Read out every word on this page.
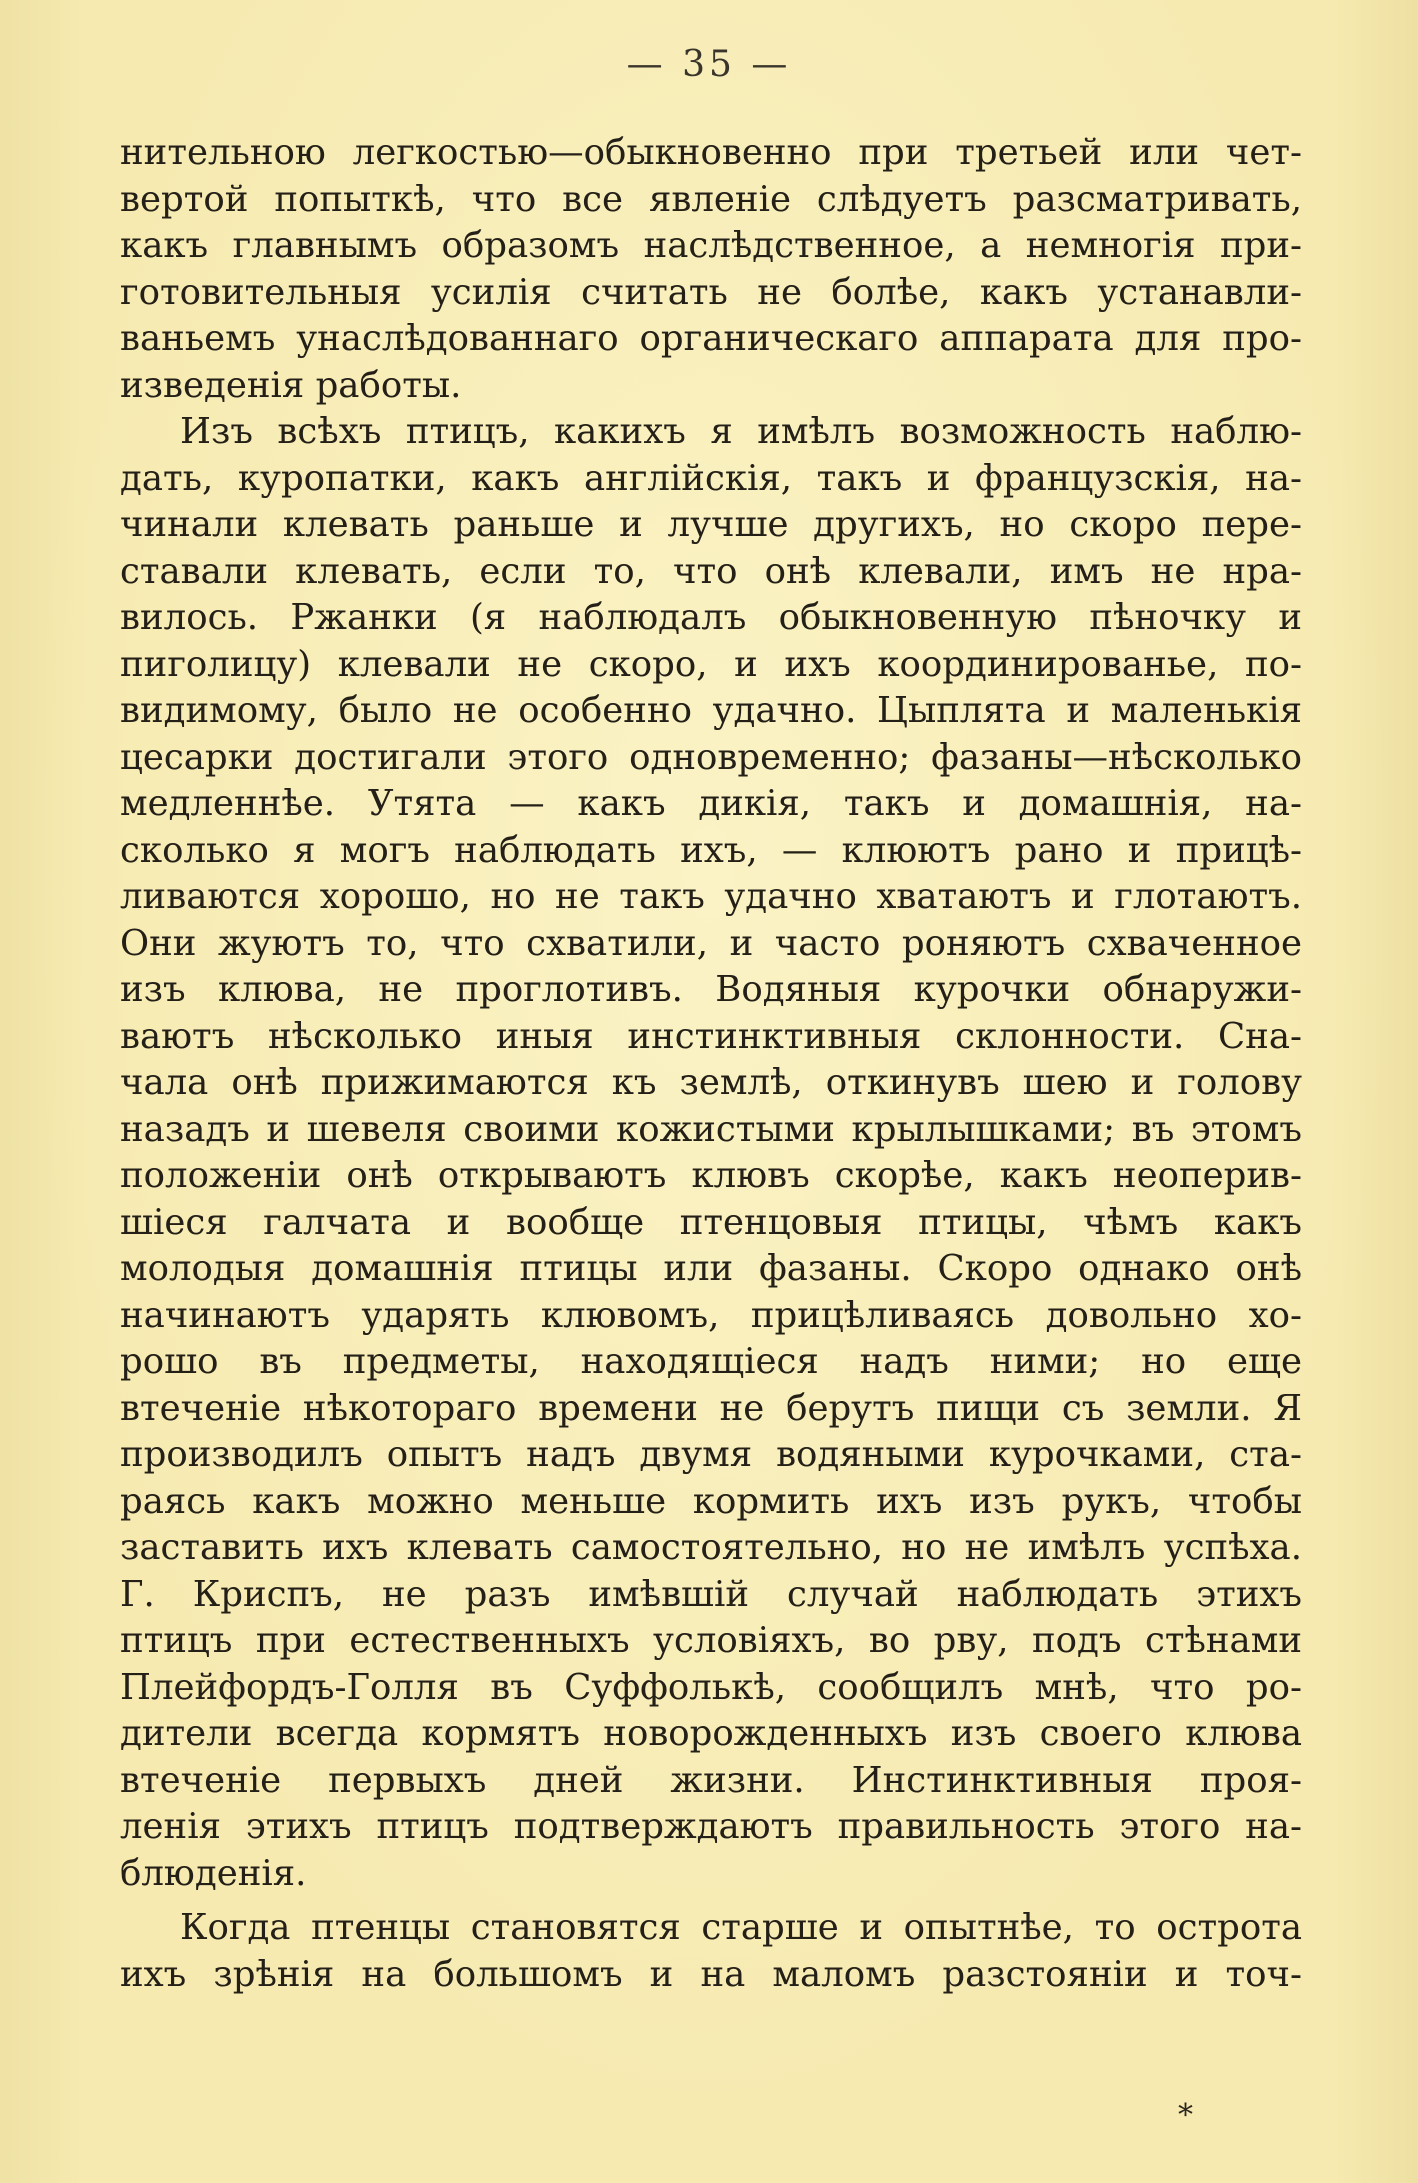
— 35 —
нительною легкостью—обыкновенно при третьей или чет-
вертой попыткѣ, что все явленіе слѣдуетъ разсматривать,
какъ главнымъ образомъ наслѣдственное, а немногія при-
готовительныя усилія считать не болѣе, какъ устанавли-
ваньемъ унаслѣдованнаго органическаго аппарата для про-
изведенія работы.
Изъ всѣхъ птицъ, какихъ я имѣлъ возможность наблю-
дать, куропатки, какъ англійскія, такъ и французскія, на-
чинали клевать раньше и лучше другихъ, но скоро пере-
ставали клевать, если то, что онѣ клевали, имъ не нра-
вилось. Ржанки (я наблюдалъ обыкновенную пѣночку и
пиголицу) клевали не скоро, и ихъ координированье, по-
видимому, было не особенно удачно. Цыплята и маленькія
цесарки достигали этого одновременно; фазаны—нѣсколько
медленнѣе. Утята — какъ дикія, такъ и домашнія, на-
сколько я могъ наблюдать ихъ, — клюютъ рано и прицѣ-
ливаются хорошо, но не такъ удачно хватаютъ и глотаютъ.
Они жуютъ то, что схватили, и часто роняютъ схваченное
изъ клюва, не проглотивъ. Водяныя курочки обнаружи-
ваютъ нѣсколько иныя инстинктивныя склонности. Сна-
чала онѣ прижимаются къ землѣ, откинувъ шею и голову
назадъ и шевеля своими кожистыми крылышками; въ этомъ
положеніи онѣ открываютъ клювъ скорѣе, какъ неоперив-
шіеся галчата и вообще птенцовыя птицы, чѣмъ какъ
молодыя домашнія птицы или фазаны. Скоро однако онѣ
начинаютъ ударять клювомъ, прицѣливаясь довольно хо-
рошо въ предметы, находящіеся надъ ними; но еще
втеченіе нѣкотораго времени не берутъ пищи съ земли. Я
производилъ опытъ надъ двумя водяными курочками, ста-
раясь какъ можно меньше кормить ихъ изъ рукъ, чтобы
заставить ихъ клевать самостоятельно, но не имѣлъ успѣха.
Г. Криспъ, не разъ имѣвшій случай наблюдать этихъ
птицъ при естественныхъ условіяхъ, во рву, подъ стѣнами
Плейфордъ-Голля въ Суффолькѣ, сообщилъ мнѣ, что ро-
дители всегда кормятъ новорожденныхъ изъ своего клюва
втеченіе первыхъ дней жизни. Инстинктивныя проя-
ленія этихъ птицъ подтверждаютъ правильность этого на-
блюденія.
Когда птенцы становятся старше и опытнѣе, то острота
ихъ зрѣнія на большомъ и на маломъ разстояніи и точ-
*
